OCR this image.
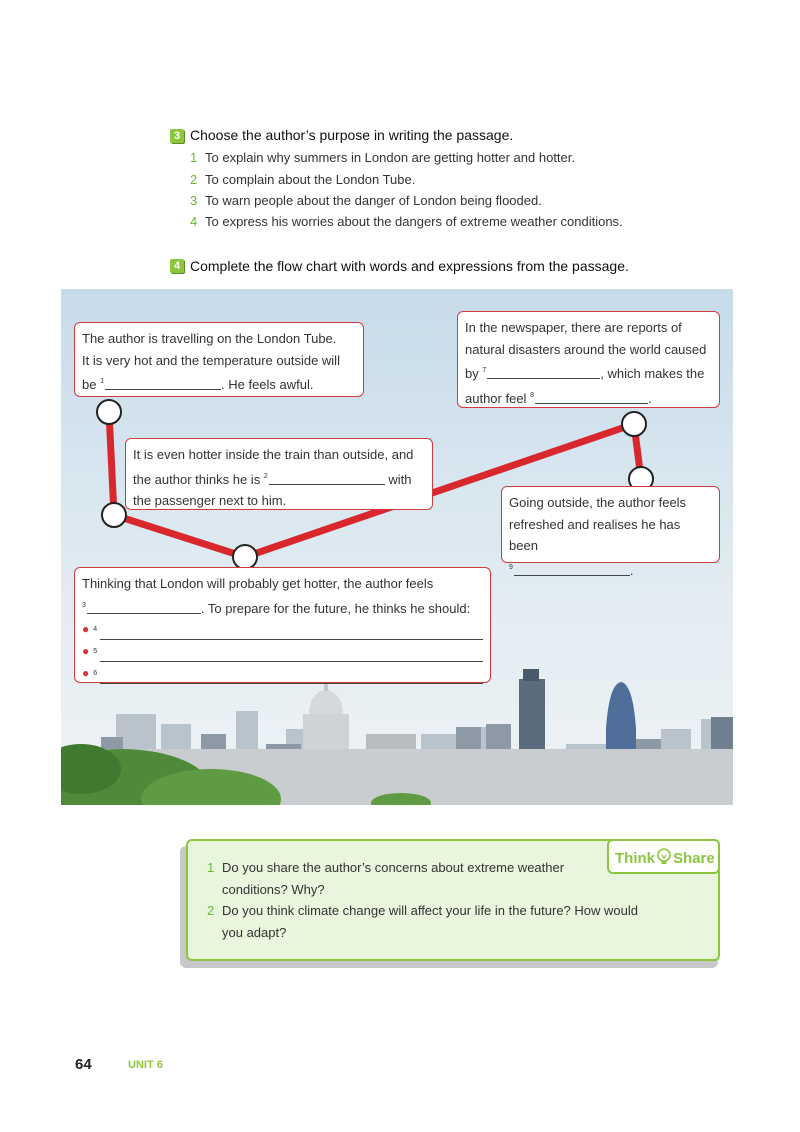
3 Choose the author’s purpose in writing the passage.
1 To explain why summers in London are getting hotter and hotter.
2 To complain about the London Tube.
3 To warn people about the danger of London being flooded.
4 To express his worries about the dangers of extreme weather conditions.
4 Complete the flow chart with words and expressions from the passage.
The author is travelling on the London Tube.
It is very hot and the temperature outside will
be $^1$	. He feels awful.
It is even hotter inside the train than outside, and
the author thinks he is $^2$	with
the passenger next to him.
Thinking that London will probably get hotter, the author feels
$^3$	. To prepare for the future, he thinks he should:
● 4
● 5
● 6
In the newspaper, there are reports of
natural disasters around the world caused
by $^7$	, which makes the
author feel $^8$	.
Going outside, the author feels
refreshed and realises he has been
$^9$	.
1 Do you share the author’s concerns about extreme weather
conditions? Why?
2 Do you think climate change will affect your life in the future? How would
you adapt?
Think Share
64	UNIT 6
